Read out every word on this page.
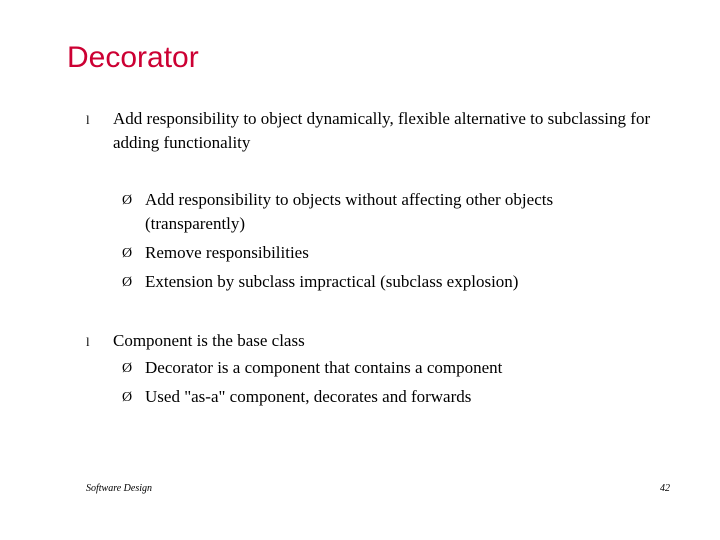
Decorator
l Add responsibility to object dynamically, flexible alternative to subclassing for adding functionality

Ø Add responsibility to objects without affecting other objects (transparently)

Ø Remove responsibilities

Ø Extension by subclass impractical (subclass explosion)

l Component is the base class

Ø Decorator is a component that contains a component

Ø Used "as-a" component, decorates and forwards

Software Design	42
